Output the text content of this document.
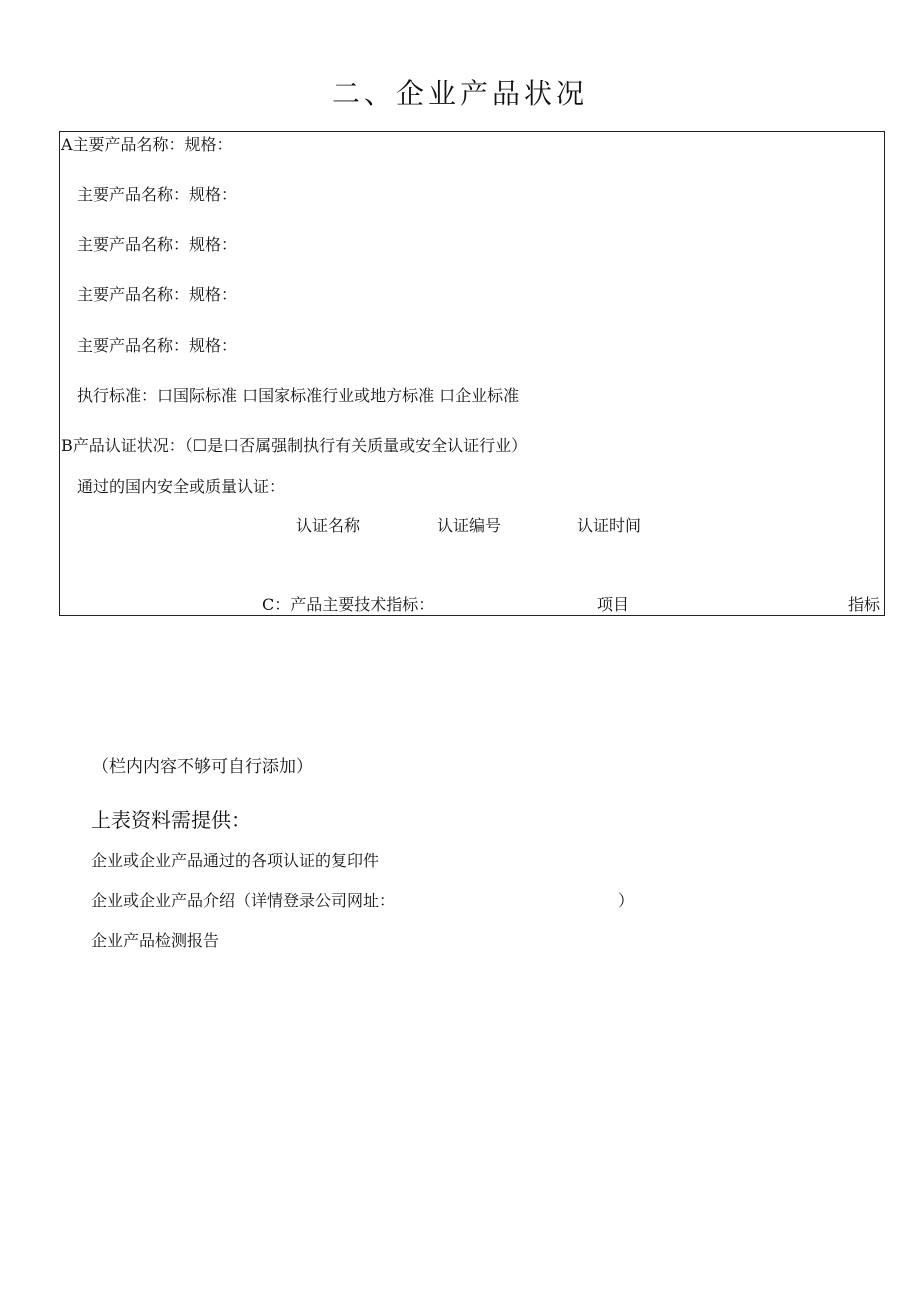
二、企业产品状况
A主要产品名称：规格：
主要产品名称：规格：
主要产品名称：规格：
主要产品名称：规格：
主要产品名称：规格：
执行标准：口国际标准 口国家标准行业或地方标准 口企业标准
B产品认证状况：（☐是口否属强制执行有关质量或安全认证行业）
通过的国内安全或质量认证：
认证名称	认证编号	认证时间
C：产品主要技术指标：	项目	指标
（栏内内容不够可自行添加）
上表资料需提供：
企业或企业产品通过的各项认证的复印件
企业或企业产品介绍（详情登录公司网址：	）
企业产品检测报告
